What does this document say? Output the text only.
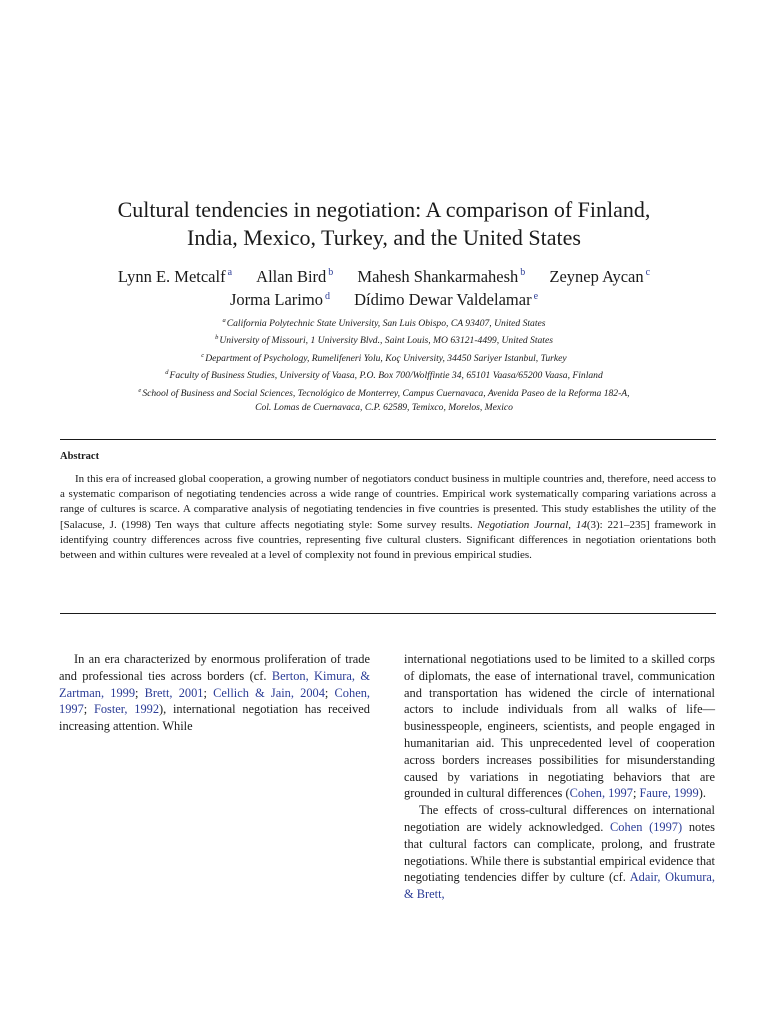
Cultural tendencies in negotiation: A comparison of Finland,
India, Mexico, Turkey, and the United States
Lynn E. Metcalf $^a$ Allan Bird $^b$ Mahesh Shankarmahesh $^b$ Zeynep Aycan $^c$
Jorma Larimo $^d$ Dídimo Dewar Valdelamar $^e$
$^a$California Polytechnic State University, San Luis Obispo, CA 93407, United States
$^b$University of Missouri, 1 University Blvd., Saint Louis, MO 63121-4499, United States
$^c$Department of Psychology, Rumelifeneri Yolu, Koç University, 34450 Sariyer Istanbul, Turkey
$^d$Faculty of Business Studies, University of Vaasa, P.O. Box 700/Wolffintie 34, 65101 Vaasa/65200 Vaasa, Finland
$^e$School of Business and Social Sciences, Tecnológico de Monterrey, Campus Cuernavaca, Avenida Paseo de la Reforma 182-A,
Col. Lomas de Cuernavaca, C.P. 62589, Temixco, Morelos, Mexico
Abstract

In this era of increased global cooperation, a growing number of negotiators conduct business in multiple countries and, therefore, need access to a systematic comparison of negotiating tendencies across a wide range of countries. Empirical work systematically comparing variations across a range of cultures is scarce. A comparative analysis of negotiating tendencies in five countries is presented. This study establishes the utility of the [Salacuse, J. (1998) Ten ways that culture affects negotiating style: Some survey results. Negotiation Journal, 14(3): 221–235] framework in identifying country differences across five countries, representing five cultural clusters. Significant differences in negotiation orientations both between and within cultures were revealed at a level of complexity not found in previous empirical studies.

In an era characterized by enormous proliferation of trade and professional ties across borders (cf. Berton, Kimura, & Zartman, 1999; Brett, 2001; Cellich & Jain, 2004; Cohen, 1997; Foster, 1992), international negotiation has received increasing attention. While

international negotiations used to be limited to a skilled corps of diplomats, the ease of international travel, communication and transportation has widened the circle of international actors to include individuals from all walks of life—businesspeople, engineers, scientists, and people engaged in humanitarian aid. This unprecedented level of cooperation across borders increases possibilities for misunderstanding caused by variations in negotiating behaviors that are grounded in cultural differences (Cohen, 1997; Faure, 1999).

The effects of cross-cultural differences on international negotiation are widely acknowledged. Cohen (1997) notes that cultural factors can complicate, prolong, and frustrate negotiations. While there is substantial empirical evidence that negotiating tendencies differ by culture (cf. Adair, Okumura, & Brett,
